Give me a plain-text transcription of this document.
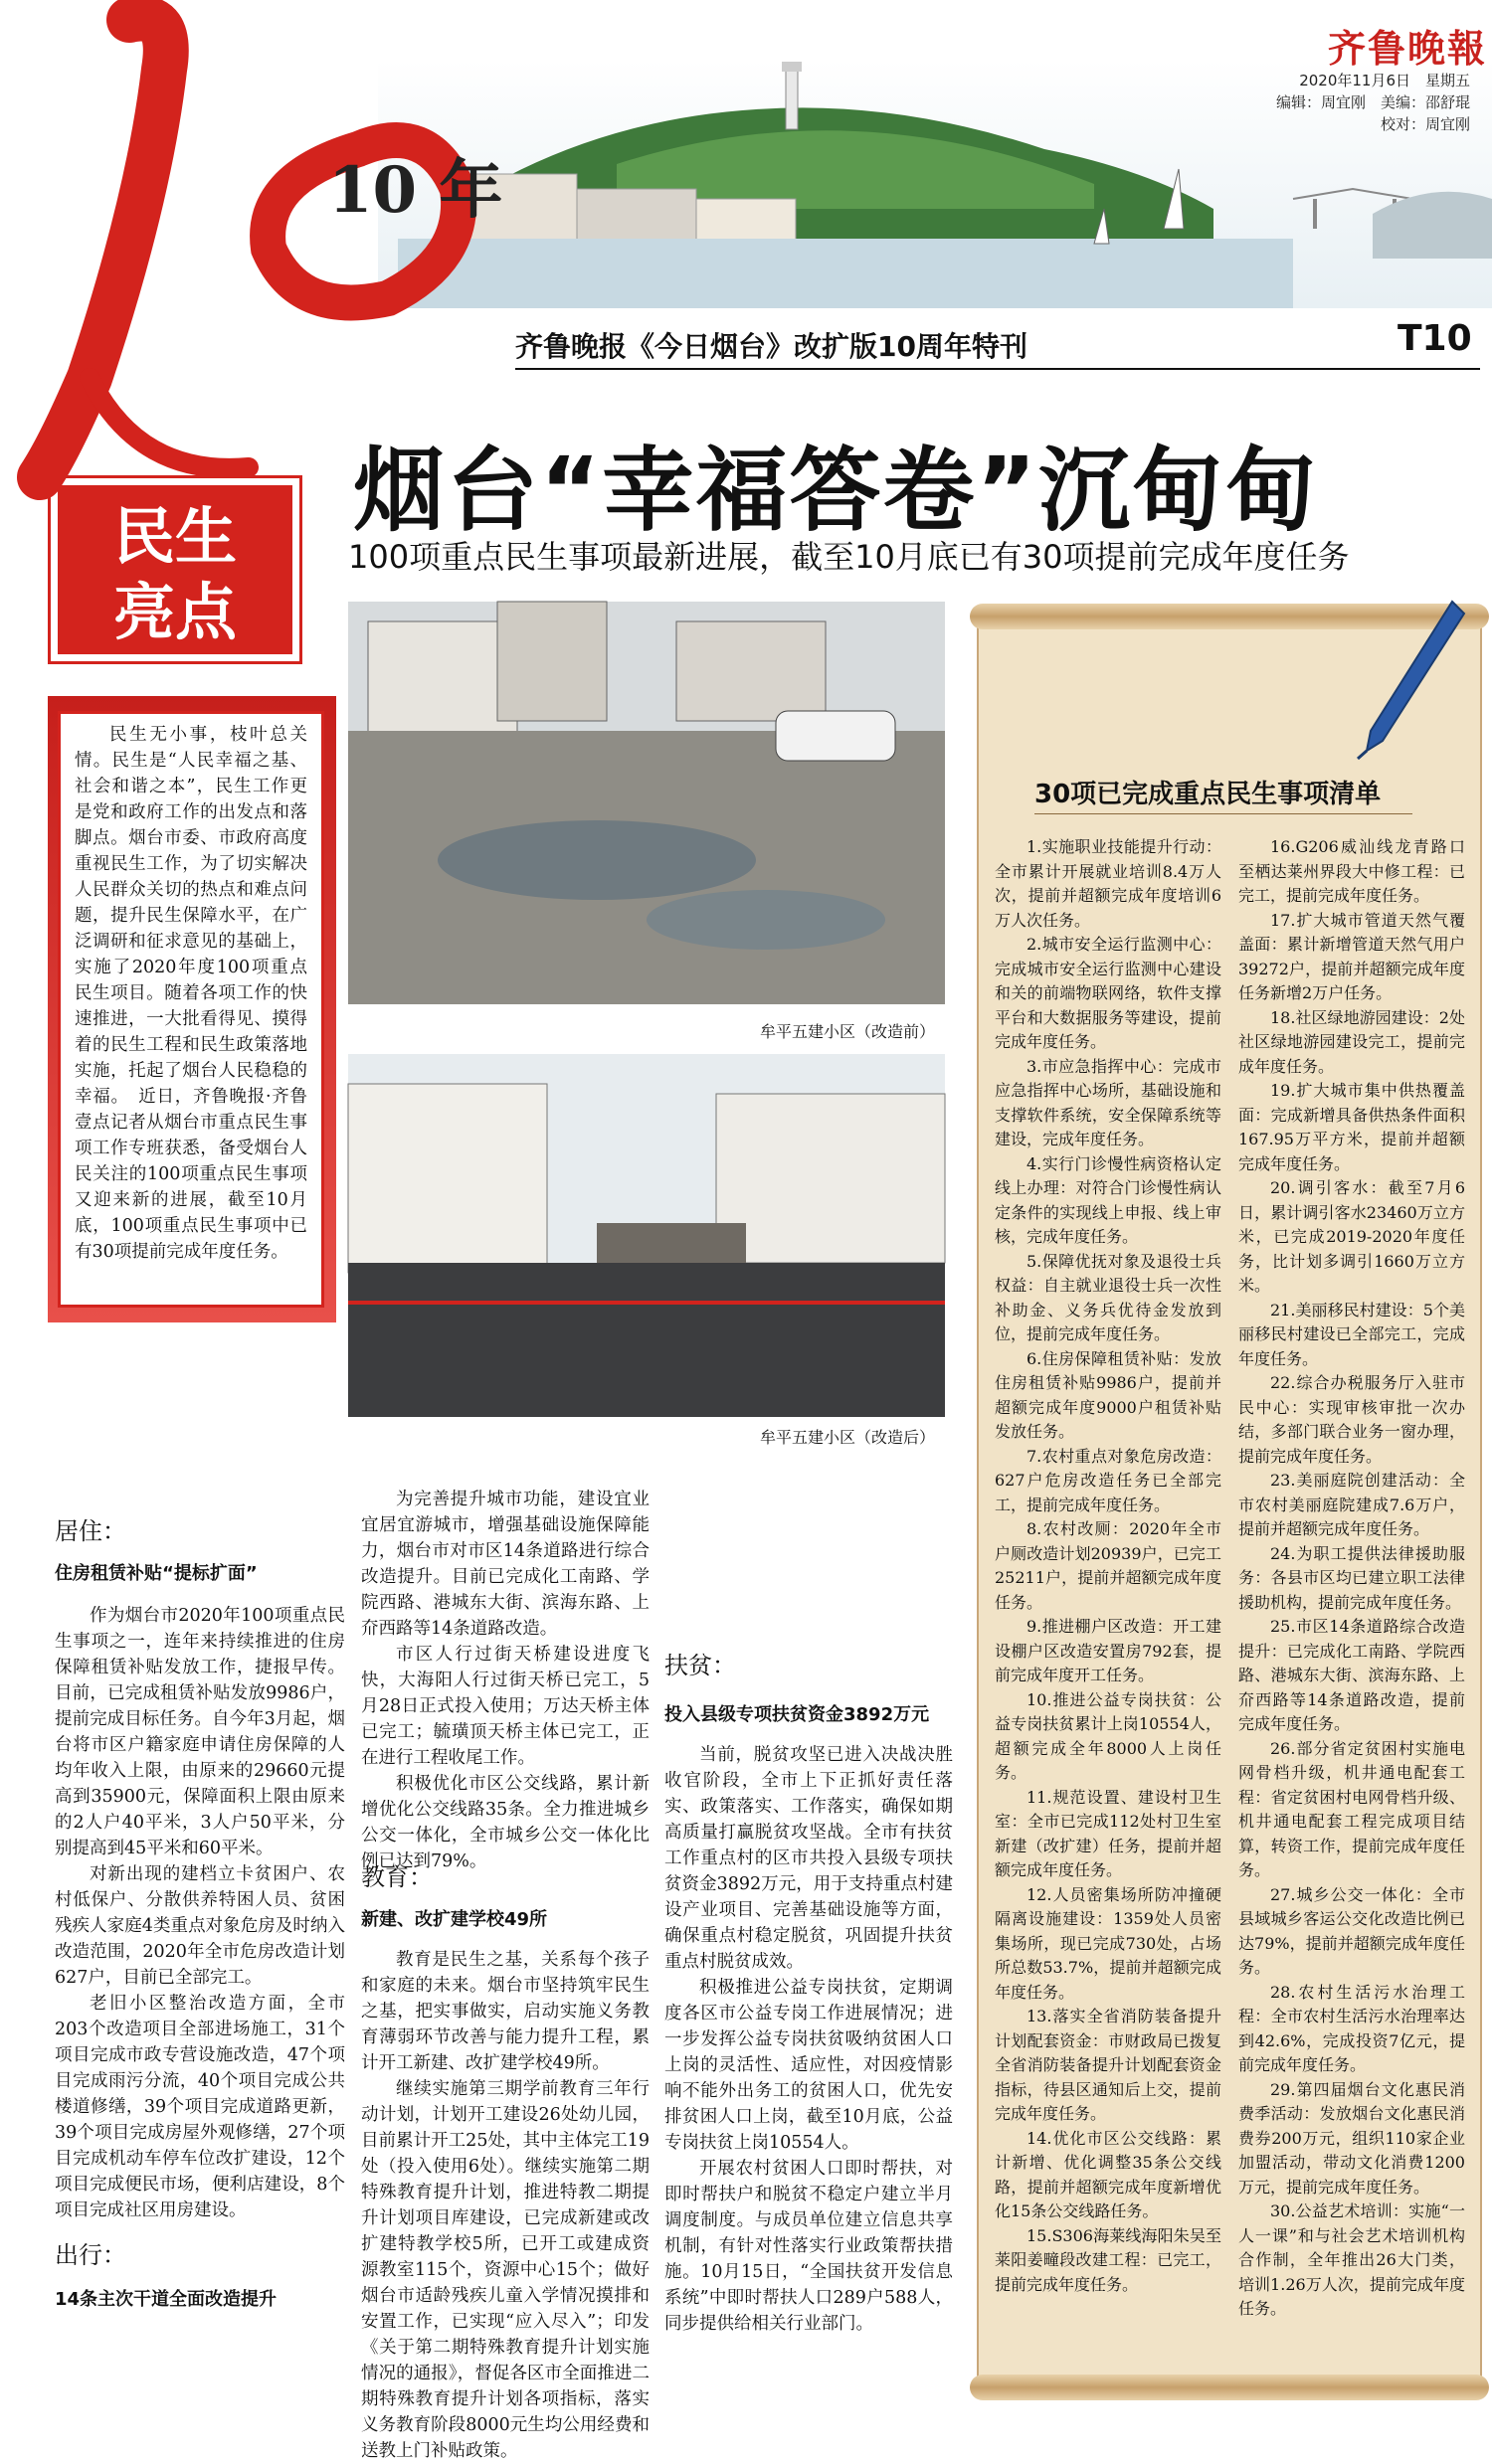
10 年
齐鲁晚報
2020年11月6日　星期五
编辑：周宜刚　美编：邵舒琨
校对：周宜刚
齐鲁晚报《今日烟台》改扩版10周年特刊	T10
烟台“幸福答卷”沉甸甸
100项重点民生事项最新进展，截至10月底已有30项提前完成年度任务
民生
亮点

民生无小事，枝叶总关情。民生是“人民幸福之基、社会和谐之本”，民生工作更是党和政府工作的出发点和落脚点。烟台市委、市政府高度重视民生工作，为了切实解决人民群众关切的热点和难点问题，提升民生保障水平，在广泛调研和征求意见的基础上，实施了2020年度100项重点民生项目。随着各项工作的快速推进，一大批看得见、摸得着的民生工程和民生政策落地实施，托起了烟台人民稳稳的幸福。　近日，齐鲁晚报·齐鲁壹点记者从烟台市重点民生事项工作专班获悉，备受烟台人民关注的100项重点民生事项又迎来新的进展，截至10月底，100项重点民生事项中已有30项提前完成年度任务。

牟平五建小区（改造前）
牟平五建小区（改造后）
居住：
住房租赁补贴“提标扩面”

作为烟台市2020年100项重点民生事项之一，连年来持续推进的住房保障租赁补贴发放工作，捷报早传。目前，已完成租赁补贴发放9986户，提前完成目标任务。自今年3月起，烟台将市区户籍家庭申请住房保障的人均年收入上限，由原来的29660元提高到35900元，保障面积上限由原来的2人户40平米，3人户50平米，分别提高到45平米和60平米。

对新出现的建档立卡贫困户、农村低保户、分散供养特困人员、贫困残疾人家庭4类重点对象危房及时纳入改造范围，2020年全市危房改造计划627户，目前已全部完工。

老旧小区整治改造方面，全市203个改造项目全部进场施工，31个项目完成市政专营设施改造，47个项目完成雨污分流，40个项目完成公共楼道修缮，39个项目完成道路更新，39个项目完成房屋外观修缮，27个项目完成机动车停车位改扩建设，12个项目完成便民市场，便利店建设，8个项目完成社区用房建设。

出行：
14条主次干道全面改造提升

为完善提升城市功能，建设宜业宜居宜游城市，增强基础设施保障能力，烟台市对市区14条道路进行综合改造提升。目前已完成化工南路、学院西路、港城东大街、滨海东路、上夼西路等14条道路改造。

市区人行过街天桥建设进度飞快，大海阳人行过街天桥已完工，5月28日正式投入使用；万达天桥主体已完工；毓璜顶天桥主体已完工，正在进行工程收尾工作。

积极优化市区公交线路，累计新增优化公交线路35条。全力推进城乡公交一体化，全市城乡公交一体化比例已达到79%。

教育：
新建、改扩建学校49所

教育是民生之基，关系每个孩子和家庭的未来。烟台市坚持筑牢民生之基，把实事做实，启动实施义务教育薄弱环节改善与能力提升工程，累计开工新建、改扩建学校49所。

继续实施第三期学前教育三年行动计划，计划开工建设26处幼儿园，目前累计开工25处，其中主体完工19处（投入使用6处）。继续实施第二期特殊教育提升计划，推进特教二期提升计划项目库建设，已完成新建或改扩建特教学校5所，已开工或建成资源教室115个，资源中心15个；做好烟台市适龄残疾儿童入学情况摸排和安置工作，已实现“应入尽入”；印发《关于第二期特殊教育提升计划实施情况的通报》，督促各区市全面推进二期特殊教育提升计划各项指标，落实义务教育阶段8000元生均公用经费和送教上门补贴政策。

扶贫：
投入县级专项扶贫资金3892万元

当前，脱贫攻坚已进入决战决胜收官阶段，全市上下正抓好责任落实、政策落实、工作落实，确保如期高质量打赢脱贫攻坚战。全市有扶贫工作重点村的区市共投入县级专项扶贫资金3892万元，用于支持重点村建设产业项目、完善基础设施等方面，确保重点村稳定脱贫，巩固提升扶贫重点村脱贫成效。

积极推进公益专岗扶贫，定期调度各区市公益专岗工作进展情况；进一步发挥公益专岗扶贫吸纳贫困人口上岗的灵活性、适应性，对因疫情影响不能外出务工的贫困人口，优先安排贫困人口上岗，截至10月底，公益专岗扶贫上岗10554人。

开展农村贫困人口即时帮扶，对即时帮扶户和脱贫不稳定户建立半月调度制度。与成员单位建立信息共享机制，有针对性落实行业政策帮扶措施。10月15日，“全国扶贫开发信息系统”中即时帮扶人口289户588人，同步提供给相关行业部门。

30项已完成重点民生事项清单

1.实施职业技能提升行动：全市累计开展就业培训8.4万人次，提前并超额完成年度培训6万人次任务。

2.城市安全运行监测中心：完成城市安全运行监测中心建设和关的前端物联网络，软件支撑平台和大数据服务等建设，提前完成年度任务。

3.市应急指挥中心：完成市应急指挥中心场所，基础设施和支撑软件系统，安全保障系统等建设，完成年度任务。

4.实行门诊慢性病资格认定线上办理：对符合门诊慢性病认定条件的实现线上申报、线上审核，完成年度任务。

5.保障优抚对象及退役士兵权益：自主就业退役士兵一次性补助金、义务兵优待金发放到位，提前完成年度任务。

6.住房保障租赁补贴：发放住房租赁补贴9986户，提前并超额完成年度9000户租赁补贴发放任务。

7.农村重点对象危房改造：627户危房改造任务已全部完工，提前完成年度任务。

8.农村改厕：2020年全市户厕改造计划20939户，已完工25211户，提前并超额完成年度任务。

9.推进棚户区改造：开工建设棚户区改造安置房792套，提前完成年度开工任务。

10.推进公益专岗扶贫：公益专岗扶贫累计上岗10554人，超额完成全年8000人上岗任务。

11.规范设置、建设村卫生室：全市已完成112处村卫生室新建（改扩建）任务，提前并超额完成年度任务。

12.人员密集场所防冲撞硬隔离设施建设：1359处人员密集场所，现已完成730处，占场所总数53.7%，提前并超额完成年度任务。

13.落实全省消防装备提升计划配套资金：市财政局已拨复全省消防装备提升计划配套资金指标，待县区通知后上交，提前完成年度任务。

14.优化市区公交线路：累计新增、优化调整35条公交线路，提前并超额完成年度新增优化15条公交线路任务。

15.S306海莱线海阳朱吴至莱阳姜疃段改建工程：已完工，提前完成年度任务。

16.G206威汕线龙青路口至栖达莱州界段大中修工程：已完工，提前完成年度任务。

17.扩大城市管道天然气覆盖面：累计新增管道天然气用户39272户，提前并超额完成年度任务新增2万户任务。

18.社区绿地游园建设：2处社区绿地游园建设完工，提前完成年度任务。

19.扩大城市集中供热覆盖面：完成新增具备供热条件面积167.95万平方米，提前并超额完成年度任务。

20.调引客水：截至7月6日，累计调引客水23460万立方米，已完成2019-2020年度任务，比计划多调引1660万立方米。

21.美丽移民村建设：5个美丽移民村建设已全部完工，完成年度任务。

22.综合办税服务厅入驻市民中心：实现审核审批一次办结，多部门联合业务一窗办理，提前完成年度任务。

23.美丽庭院创建活动：全市农村美丽庭院建成7.6万户，提前并超额完成年度任务。

24.为职工提供法律援助服务：各县市区均已建立职工法律援助机构，提前完成年度任务。

25.市区14条道路综合改造提升：已完成化工南路、学院西路、港城东大街、滨海东路、上夼西路等14条道路改造，提前完成年度任务。

26.部分省定贫困村实施电网骨档升级，机井通电配套工程：省定贫困村电网骨档升级、机井通电配套工程完成项目结算，转资工作，提前完成年度任务。

27.城乡公交一体化：全市县域城乡客运公交化改造比例已达79%，提前并超额完成年度任务。

28.农村生活污水治理工程：全市农村生活污水治理率达到42.6%，完成投资7亿元，提前完成年度任务。

29.第四届烟台文化惠民消费季活动：发放烟台文化惠民消费券200万元，组织110家企业加盟活动，带动文化消费1200万元，提前完成年度任务。

30.公益艺术培训：实施“一人一课”和与社会艺术培训机构合作制，全年推出26大门类，培训1.26万人次，提前完成年度任务。
